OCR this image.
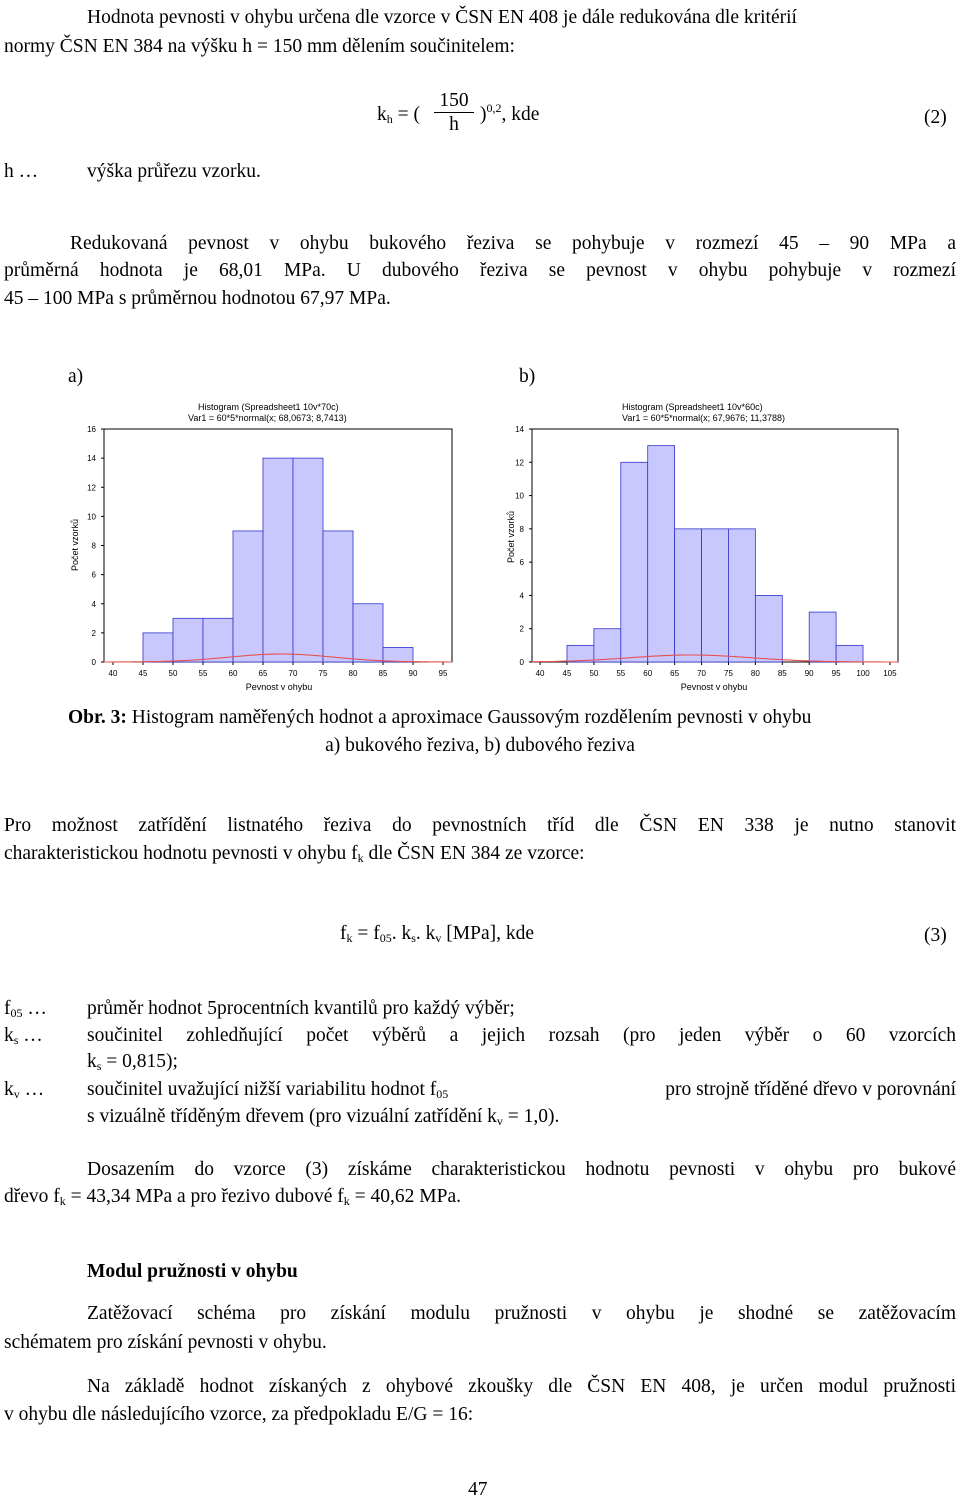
Hodnota pevnosti v ohybu určena dle vzorce v ČSN EN 408 je dále redukována dle kritérií
normy ČSN EN 384 na výšku h = 150 mm dělením součinitelem:
$k_h$ = ( $\frac{150}{h} )^{0,2}$, kde	(2)
h …	výška průřezu vzorku.
Redukovaná pevnost v ohybu bukového řeziva se pohybuje v rozmezí 45 – 90 MPa a
průměrná hodnota je 68,01 MPa. U dubového řeziva se pevnost v ohybu pohybuje v rozmezí
45 – 100 MPa s průměrnou hodnotou 67,97 MPa.
a)	b)
Histogram (Spreadsheet1 10v*70c)
Var1 = 60*5*normal(x; 68,0673; 8,7413)
0
2
4
6
8
10
12
14
16
40	45	50	55	60	65	70	75	80	85	90	95
Pevnost v ohybu
Počet vzorků
Histogram (Spreadsheet1 10v*60c)
Var1 = 60*5*normal(x; 67,9676; 11,3788)
0
2
4
6
8
10
12
14
40 45 50 55 60 65 70 75 80 85 90 95 100 105
Pevnost v ohybu
Počet vzorků
Obr. 3: Histogram naměřených hodnot a aproximace Gaussovým rozdělením pevnosti v ohybu
a) bukového řeziva, b) dubového řeziva
Pro možnost zatřídění listnatého řeziva do pevnostních tříd dle ČSN EN 338 je nutno stanovit
charakteristickou hodnotu pevnosti v ohybu $f_k$ dle ČSN EN 384 ze vzorce:
$f_k = f_{05}$. $k_s$. $k_v$ [MPa], kde	(3)
$f_{05}$ … průměr hodnot 5procentních kvantilů pro každý výběr;
$k_s$ … součinitel zohledňující počet výběrů a jejich rozsah (pro jeden výběr o 60 vzorcích
$k_s = 0,815$);
$k_v$ … součinitel uvažující nižší variabilitu hodnot $f_{05}$	pro strojně tříděné dřevo v porovnání
s vizuálně tříděným dřevem (pro vizuální zatřídění $k_v = 1,0$).
Dosazením do vzorce (3) získáme charakteristickou hodnotu pevnosti v ohybu pro bukové
dřevo $f_k = 43,34$ MPa a pro řezivo dubové $f_k = 40,62$ MPa.
Modul pružnosti v ohybu
Zatěžovací schéma pro získání modulu pružnosti v ohybu je shodné se zatěžovacím
schématem pro získání pevnosti v ohybu.
Na základě hodnot získaných z ohybové zkoušky dle ČSN EN 408, je určen modul pružnosti
v ohybu dle následujícího vzorce, za předpokladu E/G = 16:
47
